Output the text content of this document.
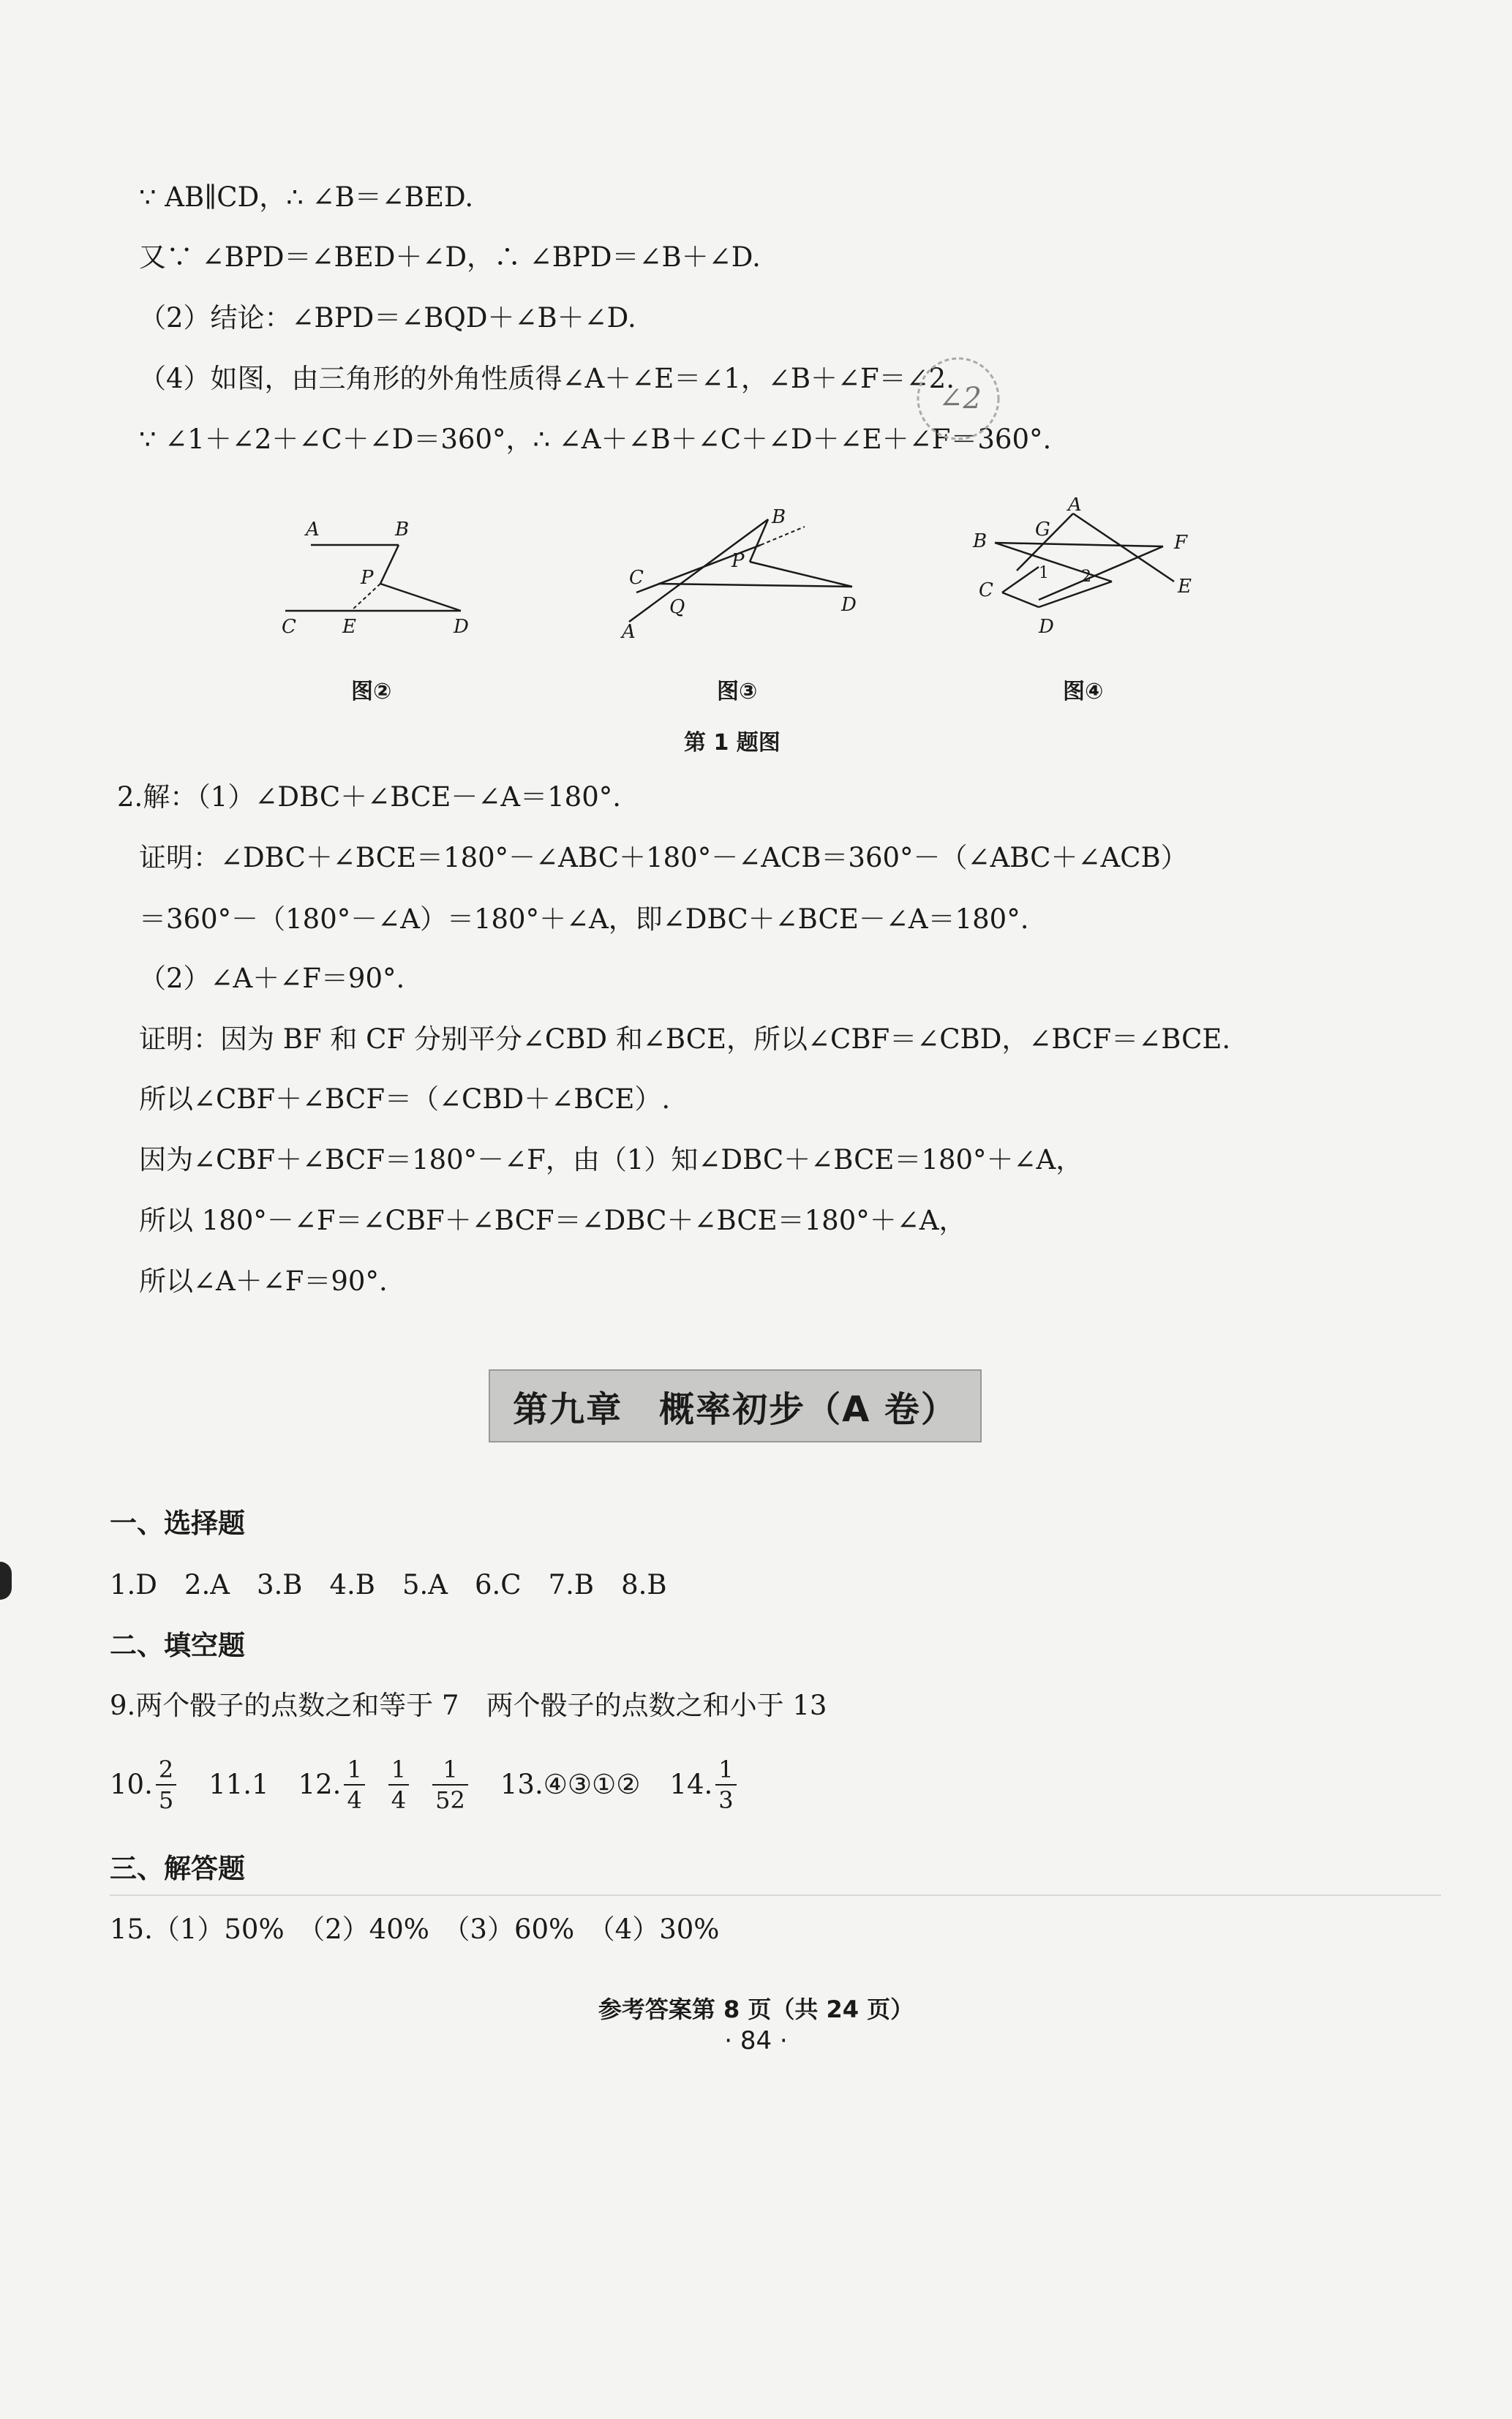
∵ AB∥CD，∴ ∠B＝∠BED.
又∵ ∠BPD＝∠BED＋∠D，∴ ∠BPD＝∠B＋∠D.
（2）结论：∠BPD＝∠BQD＋∠B＋∠D.
（4）如图，由三角形的外角性质得∠A＋∠E＝∠1，∠B＋∠F＝∠2.
∵ ∠1＋∠2＋∠C＋∠D＝360°，∴ ∠A＋∠B＋∠C＋∠D＋∠E＋∠F＝360°.
∠2
A	B
P
C E	D
图②
B
P
C
A
Q	D
图③
A
G
B	F
C
1 2	E
D
图④
第 1 题图
2.解：（1）∠DBC＋∠BCE－∠A＝180°.
证明：∠DBC＋∠BCE＝180°－∠ABC＋180°－∠ACB＝360°－（∠ABC＋∠ACB）
＝360°－（180°－∠A）＝180°＋∠A，即∠DBC＋∠BCE－∠A＝180°.
（2）∠A＋∠F＝90°.
证明：因为 BF 和 CF 分别平分∠CBD 和∠BCE，所以∠CBF＝∠CBD，∠BCF＝∠BCE.
所以∠CBF＋∠BCF＝（∠CBD＋∠BCE）.
因为∠CBF＋∠BCF＝180°－∠F，由（1）知∠DBC＋∠BCE＝180°＋∠A，
所以 180°－∠F＝∠CBF＋∠BCF＝∠DBC＋∠BCE＝180°＋∠A，
所以∠A＋∠F＝90°.
第九章　概率初步（A 卷）
一、选择题
1.D　2.A　3.B　4.B　5.A　6.C　7.B　8.B
二、填空题
9.两个骰子的点数之和等于 7　两个骰子的点数之和小于 13
10. $\frac{2}{5} 11.1$ 12. $\frac{1}{4} \frac{1}{4} \frac{1}{52}$ 13.④③①② 14. $\frac{1}{3}$
三、解答题
15.（1）50%　（2）40%　（3）60%　（4）30%
参考答案第 8 页（共 24 页）
· 84 ·
